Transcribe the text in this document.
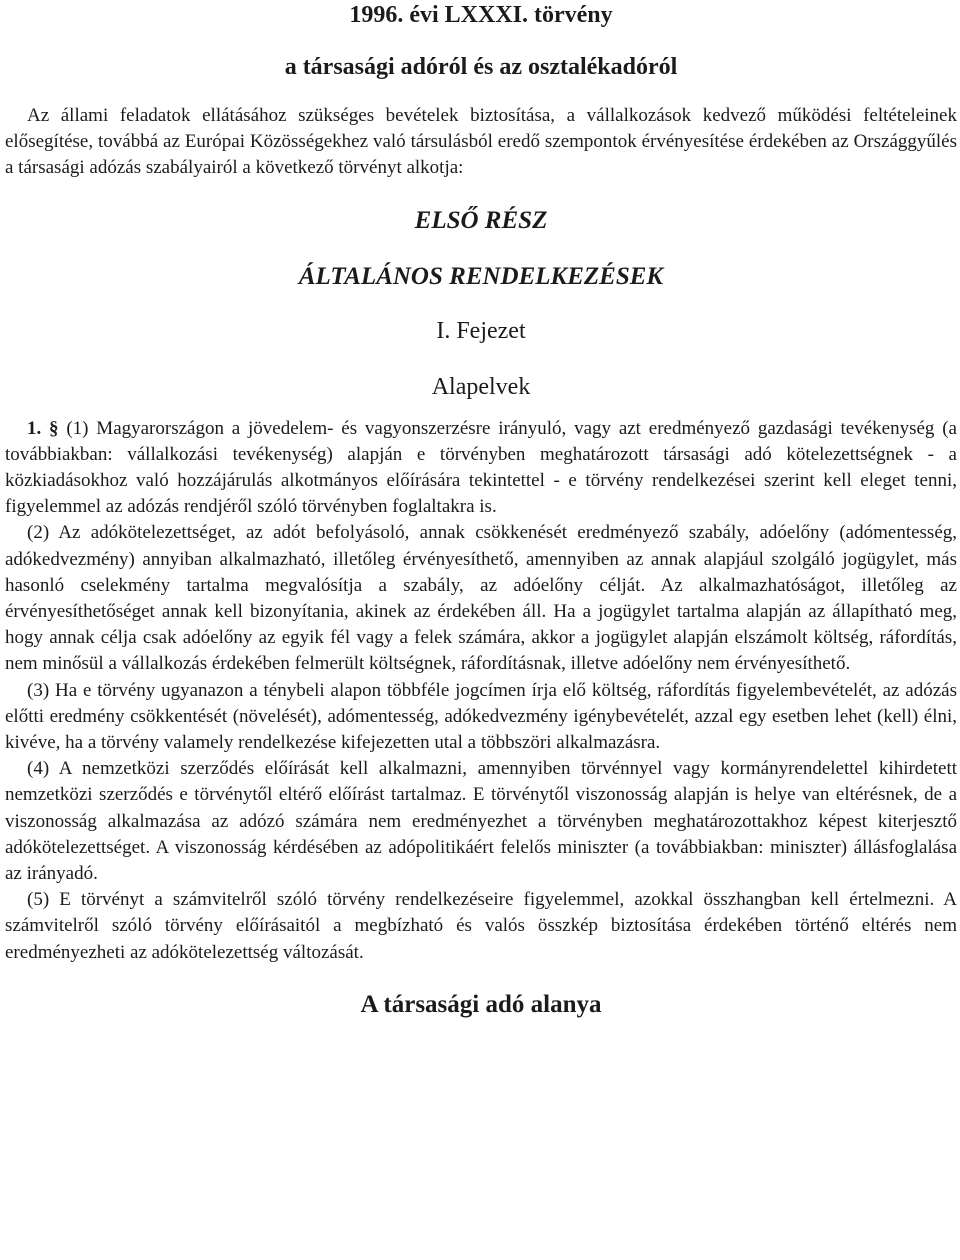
1996. évi LXXXI. törvény
a társasági adóról és az osztalékadóról

Az állami feladatok ellátásához szükséges bevételek biztosítása, a vállalkozások kedvező működési feltételeinek elősegítése, továbbá az Európai Közösségekhez való társulásból eredő szempontok érvényesítése érdekében az Országgyűlés a társasági adózás szabályairól a következő törvényt alkotja:

ELSŐ RÉSZ
ÁLTALÁNOS RENDELKEZÉSEK
I. Fejezet
Alapelvek

1. § (1) Magyarországon a jövedelem- és vagyonszerzésre irányuló, vagy azt eredményező gazdasági tevékenység (a továbbiakban: vállalkozási tevékenység) alapján e törvényben meghatározott társasági adó kötelezettségnek - a közkiadásokhoz való hozzájárulás alkotmányos előírására tekintettel - e törvény rendelkezései szerint kell eleget tenni, figyelemmel az adózás rendjéről szóló törvényben foglaltakra is.

(2) Az adókötelezettséget, az adót befolyásoló, annak csökkenését eredményező szabály, adóelőny (adómentesség, adókedvezmény) annyiban alkalmazható, illetőleg érvényesíthető, amennyiben az annak alapjául szolgáló jogügylet, más hasonló cselekmény tartalma megvalósítja a szabály, az adóelőny célját. Az alkalmazhatóságot, illetőleg az érvényesíthetőséget annak kell bizonyítania, akinek az érdekében áll. Ha a jogügylet tartalma alapján az állapítható meg, hogy annak célja csak adóelőny az egyik fél vagy a felek számára, akkor a jogügylet alapján elszámolt költség, ráfordítás, nem minősül a vállalkozás érdekében felmerült költségnek, ráfordításnak, illetve adóelőny nem érvényesíthető.

(3) Ha e törvény ugyanazon a ténybeli alapon többféle jogcímen írja elő költség, ráfordítás figyelembevételét, az adózás előtti eredmény csökkentését (növelését), adómentesség, adókedvezmény igénybevételét, azzal egy esetben lehet (kell) élni, kivéve, ha a törvény valamely rendelkezése kifejezetten utal a többszöri alkalmazásra.

(4) A nemzetközi szerződés előírását kell alkalmazni, amennyiben törvénnyel vagy kormányrendelettel kihirdetett nemzetközi szerződés e törvénytől eltérő előírást tartalmaz. E törvénytől viszonosság alapján is helye van eltérésnek, de a viszonosság alkalmazása az adózó számára nem eredményezhet a törvényben meghatározottakhoz képest kiterjesztő adókötelezettséget. A viszonosság kérdésében az adópolitikáért felelős miniszter (a továbbiakban: miniszter) állásfoglalása az irányadó.

(5) E törvényt a számvitelről szóló törvény rendelkezéseire figyelemmel, azokkal összhangban kell értelmezni. A számvitelről szóló törvény előírásaitól a megbízható és valós összkép biztosítása érdekében történő eltérés nem eredményezheti az adókötelezettség változását.

A társasági adó alanya
